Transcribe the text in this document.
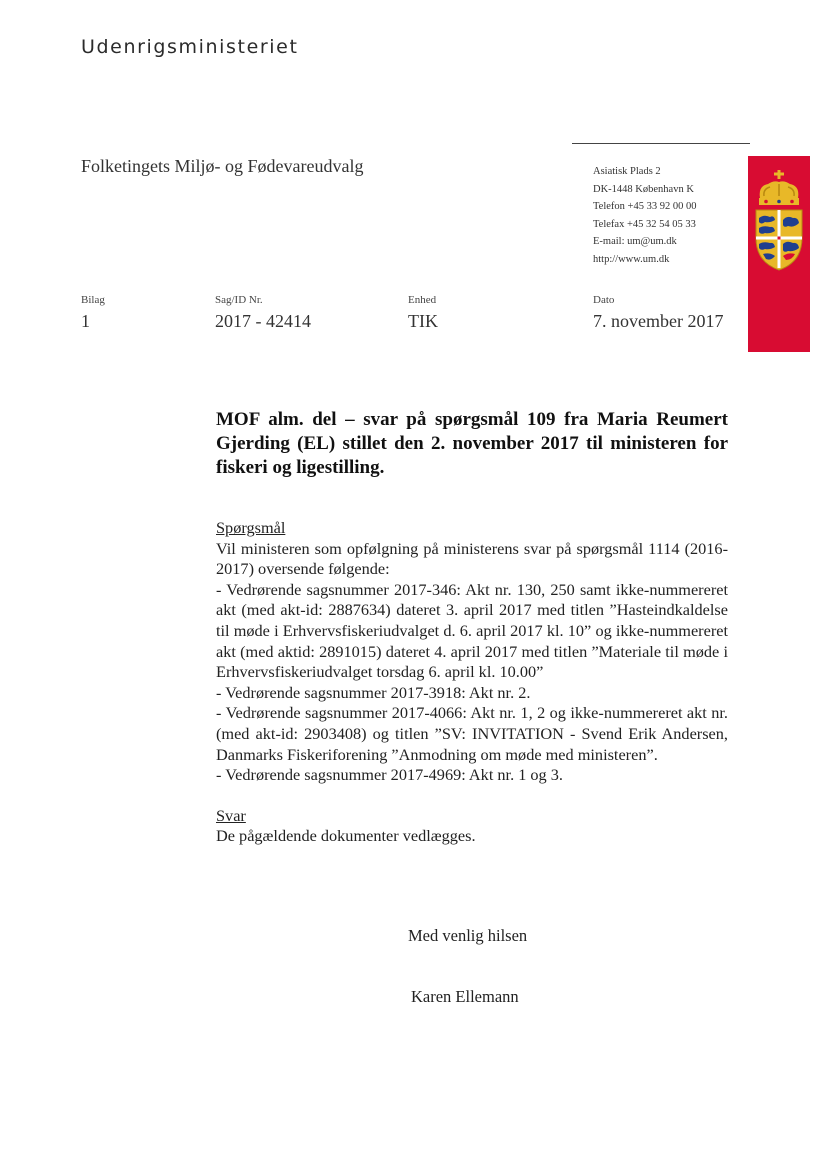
Udenrigsministeriet
Folketingets Miljø- og Fødevareudvalg	Asiatisk Plads 2
DK-1448 København K
Telefon +45 33 92 00 00
Telefax +45 32 54 05 33
E-mail: um@um.dk
http://www.um.dk
Bilag
1
Sag/ID Nr.
2017 - 42414
Enhed
TIK
Dato
7. november 2017
MOF alm. del – svar på spørgsmål 109 fra Maria Reumert Gjerding (EL) stillet den 2. november 2017 til ministeren for fiskeri og ligestilling.

Spørgsmål

Vil ministeren som opfølgning på ministerens svar på spørgsmål 1114 (2016-2017) oversende følgende:

- Vedrørende sagsnummer 2017-346: Akt nr. 130, 250 samt ikke-nummereret akt (med akt-id: 2887634) dateret 3. april 2017 med titlen ”Hasteindkaldelse til møde i Erhvervsfiskeriudvalget d. 6. april 2017 kl. 10” og ikke-nummereret akt (med aktid: 2891015) dateret 4. april 2017 med titlen ”Materiale til møde i Erhvervsfiskeriudvalget torsdag 6. april kl. 10.00”

- Vedrørende sagsnummer 2017-3918: Akt nr. 2.

- Vedrørende sagsnummer 2017-4066: Akt nr. 1, 2 og ikke-nummereret akt nr. (med akt-id: 2903408) og titlen ”SV: INVITATION - Svend Erik Andersen, Danmarks Fiskeriforening ”Anmodning om møde med ministeren”.

- Vedrørende sagsnummer 2017-4969: Akt nr. 1 og 3.

Svar

De pågældende dokumenter vedlægges.

Med venlig hilsen
Karen Ellemann
